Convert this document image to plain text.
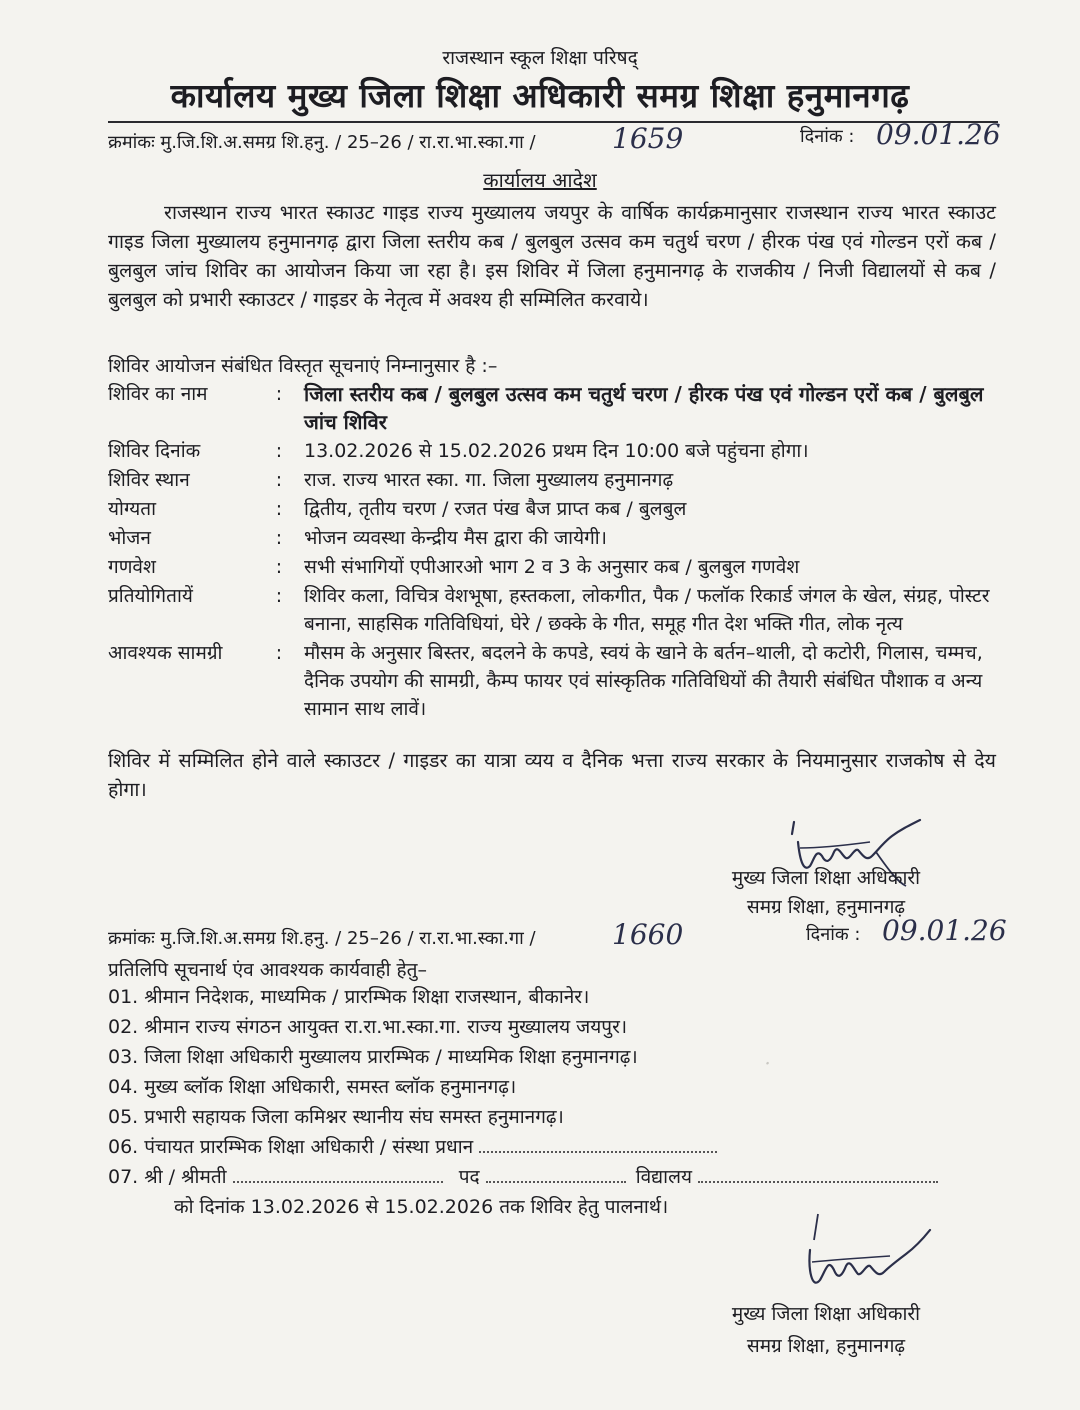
राजस्थान स्कूल शिक्षा परिषद्
कार्यालय मुख्य जिला शिक्षा अधिकारी समग्र शिक्षा हनुमानगढ़
क्रमांकः मु.जि.शि.अ.समग्र शि.हनु. / 25–26 / रा.रा.भा.स्का.गा /	1659	दिनांक : 09.01.26
कार्यालय आदेश
राजस्थान राज्य भारत स्काउट गाइड राज्य मुख्यालय जयपुर के वार्षिक कार्यक्रमानुसार राजस्थान राज्य भारत स्काउट गाइड जिला मुख्यालय हनुमानगढ़ द्वारा जिला स्तरीय कब / बुलबुल उत्सव कम चतुर्थ चरण / हीरक पंख एवं गोल्डन एरों कब / बुलबुल जांच शिविर का आयोजन किया जा रहा है। इस शिविर में जिला हनुमानगढ़ के राजकीय / निजी विद्यालयों से कब / बुलबुल को प्रभारी स्काउटर / गाइडर के नेतृत्व में अवश्य ही सम्मिलित करवाये।
शिविर आयोजन संबंधित विस्तृत सूचनाएं निम्नानुसार है :–
शिविर का नाम	:	जिला स्तरीय कब / बुलबुल उत्सव कम चतुर्थ चरण / हीरक पंख एवं गोल्डन एरों कब / बुलबुल जांच शिविर
शिविर दिनांक	:	13.02.2026 से 15.02.2026 प्रथम दिन 10:00 बजे पहुंचना होगा।
शिविर स्थान	:	राज. राज्य भारत स्का. गा. जिला मुख्यालय हनुमानगढ़
योग्यता	:	द्वितीय, तृतीय चरण / रजत पंख बैज प्राप्त कब / बुलबुल
भोजन	:	भोजन व्यवस्था केन्द्रीय मैस द्वारा की जायेगी।
गणवेश	:	सभी संभागियों एपीआरओ भाग 2 व 3 के अनुसार कब / बुलबुल गणवेश
प्रतियोगितायें	:	शिविर कला, विचित्र वेशभूषा, हस्तकला, लोकगीत, पैक / फलॉक रिकार्ड जंगल के खेल, संग्रह, पोस्टर बनाना, साहसिक गतिविधियां, घेरे / छक्के के गीत, समूह गीत देश भक्ति गीत, लोक नृत्य
आवश्यक सामग्री	:	मौसम के अनुसार बिस्तर, बदलने के कपडे, स्वयं के खाने के बर्तन–थाली, दो कटोरी, गिलास, चम्मच, दैनिक उपयोग की सामग्री, कैम्प फायर एवं सांस्कृतिक गतिविधियों की तैयारी संबंधित पौशाक व अन्य सामान साथ लावें।
शिविर में सम्मिलित होने वाले स्काउटर / गाइडर का यात्रा व्यय व दैनिक भत्ता राज्य सरकार के नियमानुसार राजकोष से देय होगा।
मुख्य जिला शिक्षा अधिकारी
समग्र शिक्षा, हनुमानगढ़
क्रमांकः मु.जि.शि.अ.समग्र शि.हनु. / 25–26 / रा.रा.भा.स्का.गा /	1660	दिनांक : 09.01.26
प्रतिलिपि सूचनार्थ एंव आवश्यक कार्यवाही हेतु–
01. श्रीमान निदेशक, माध्यमिक / प्रारम्भिक शिक्षा राजस्थान, बीकानेर।
02. श्रीमान राज्य संगठन आयुक्त रा.रा.भा.स्का.गा. राज्य मुख्यालय जयपुर।
03. जिला शिक्षा अधिकारी मुख्यालय प्रारम्भिक / माध्यमिक शिक्षा हनुमानगढ़।
04. मुख्य ब्लॉक शिक्षा अधिकारी, समस्त ब्लॉक हनुमानगढ़।
05. प्रभारी सहायक जिला कमिश्नर स्थानीय संघ समस्त हनुमानगढ़।
06. पंचायत प्रारम्भिक शिक्षा अधिकारी / संस्था प्रधान
07. श्री / श्रीमती	पद	विद्यालय
को दिनांक 13.02.2026 से 15.02.2026 तक शिविर हेतु पालनार्थ।
˙
मुख्य जिला शिक्षा अधिकारी
समग्र शिक्षा, हनुमानगढ़
